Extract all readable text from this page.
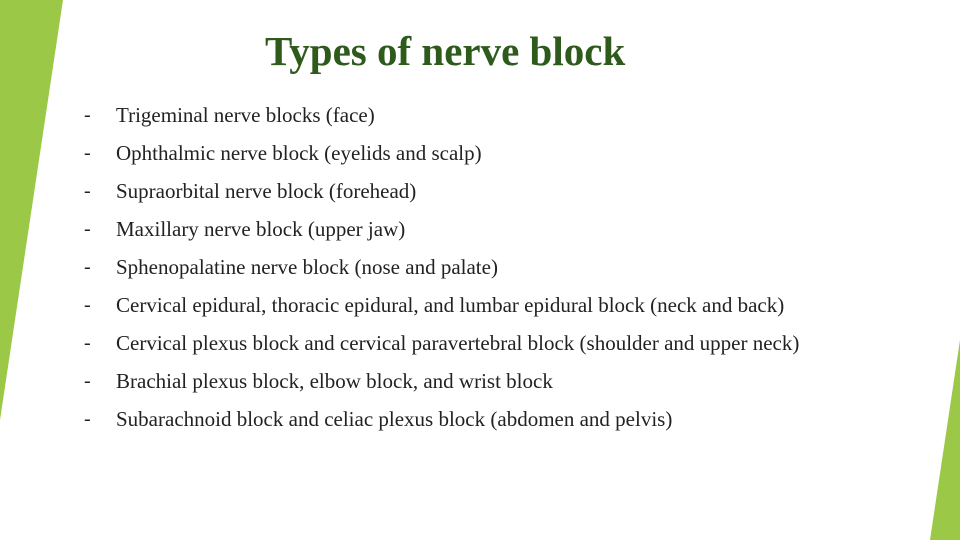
Types of nerve block
-	Trigeminal nerve blocks (face)
-	Ophthalmic nerve block (eyelids and scalp)
-	Supraorbital nerve block (forehead)
-	Maxillary nerve block (upper jaw)
-	Sphenopalatine nerve block (nose and palate)
-	Cervical epidural, thoracic epidural, and lumbar epidural block (neck and back)
-	Cervical plexus block and cervical paravertebral block (shoulder and upper neck)
-	Brachial plexus block, elbow block, and wrist block
-	Subarachnoid block and celiac plexus block (abdomen and pelvis)
